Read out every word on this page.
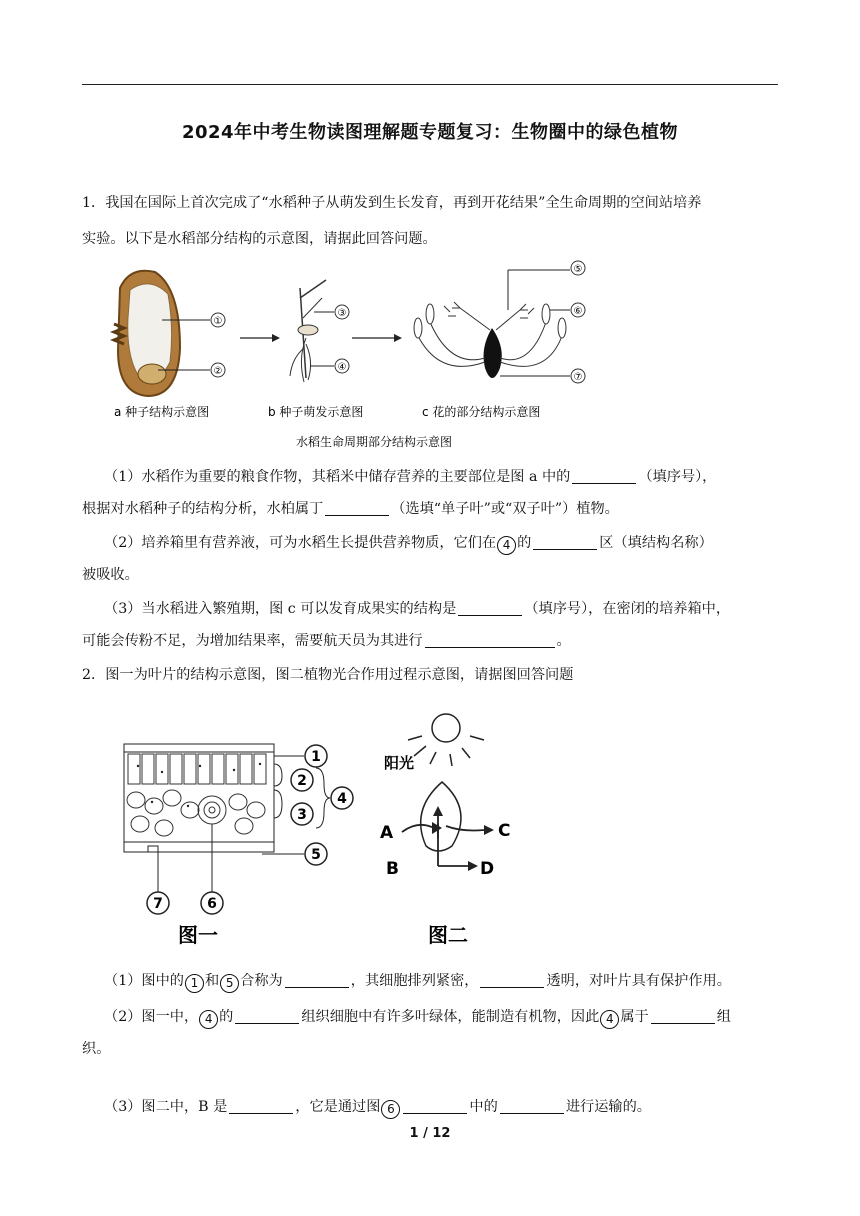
2024年中考生物读图理解题专题复习：生物圈中的绿色植物
1．我国在国际上首次完成了“水稻种子从萌发到生长发育，再到开花结果”全生命周期的空间站培养
实验。以下是水稻部分结构的示意图，请据此回答问题。
①
②
③
④
⑤
⑥
⑦
a 种子结构示意图	b 种子萌发示意图	c 花的部分结构示意图
水稻生命周期部分结构示意图
（1）水稻作为重要的粮食作物，其稻米中储存营养的主要部位是图 a 中的	（填序号），
根据对水稻种子的结构分析，水柏属丁	（选填“单子叶”或“双子叶”）植物。
（2）培养箱里有营养液，可为水稻生长提供营养物质，它们在 4 的	区（填结构名称）
被吸收。
（3）当水稻进入繁殖期，图 c 可以发育成果实的结构是	（填序号），在密闭的培养箱中，
可能会传粉不足，为增加结果率，需要航天员为其进行	。
2．图一为叶片的结构示意图，图二植物光合作用过程示意图，请据图回答问题
1
2
3
4
5
6
7
图一
阳光
A
B
C
D
图二
（1）图中的 1 和 5 合称为	，其细胞排列紧密，	透明，对叶片具有保护作用。
（2）图一中， 4 的	组织细胞中有许多叶绿体，能制造有机物，因此 4 属于	组
织。
（3）图二中，B 是	，它是通过图 6	中的	进行运输的。
1 / 12
